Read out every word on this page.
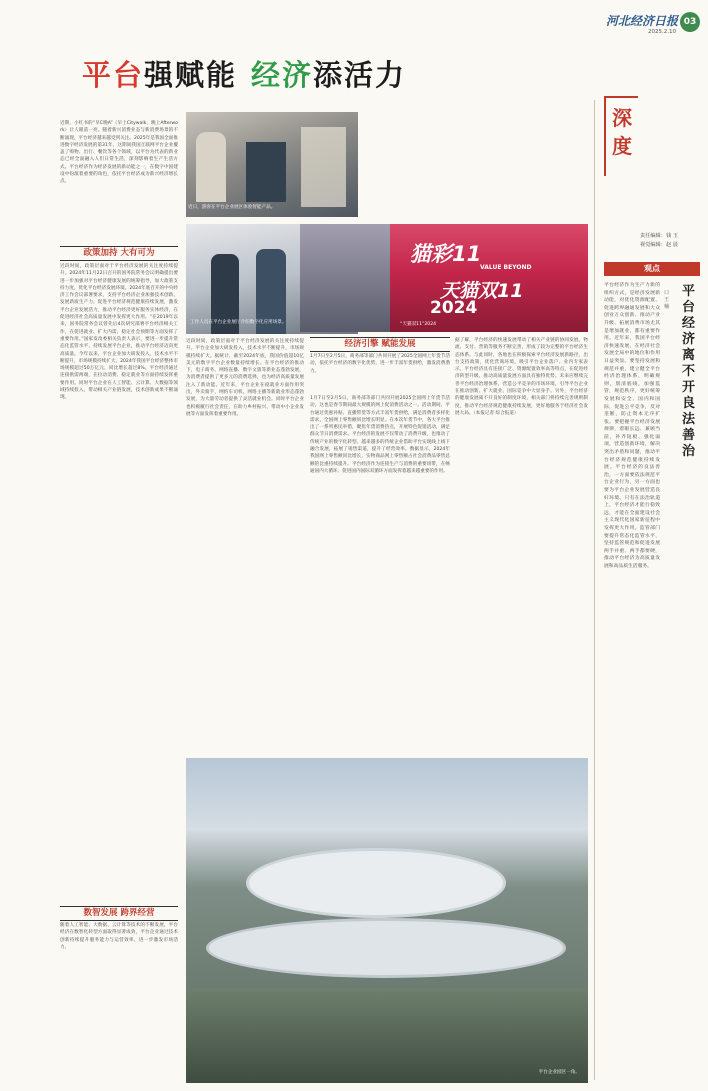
河北经济日报
2025.2.10
03
平台强赋能 经济添活力
近期，小红书的“早C晚A”（早上Citywalk、晚上Afterwork）让人眼前一亮。随着新兴消费业态与新消费场景的不断涌现，平台经济越来越受到关注。2025年是我国全面推进数字经济发展的第31年，这期间我国互联网平台企业覆盖了购物、出行、餐饮等各个领域，以平台为代表的新业态已经全面融入人们日常生活，深刻影响着生产生活方式。平台经济作为经济发展的新动能之一，在数字中国建设中扮演着重要的角色，依托平台经济成为新兴经济增长点。
政策加持 大有可为
近段时间，政策层面对于平台经济发展的关注度持续提升。2024年11月22日召开的国务院常务会议明确提出要进一步加强对平台经济健康发展的统筹指导，加大政策支持力度，优化平台经济发展环境。2024年底召开的中央经济工作会议部署要求，支持平台经济企业加强技术创新、发展新质生产力，促进平台经济规范健康持续发展，激发平台企业发展活力，推动平台经济更好服务实体经济，在促进经济社会高质量发展中发挥更大作用。“在2019年以来，国务院常务会议曾先后4次研究部署平台经济相关工作，在促进就业、扩大内需、稳定社会预期等方面发挥了重要作用。”国家发改委相关负责人表示，要进一步提升常态化监管水平，持续发展平台企业，推动平台经济迈向更高质量。今年以来，平台企业加大研发投入，技术水平不断提升，市场规模持续扩大，2024年我国平台经济整体市场规模超过50万亿元，同比增长超过8%。平台经济通过连接供需两端，在拉动消费、稳定就业等方面持续发挥重要作用。同时平台企业在人工智能、云计算、大数据等领域持续投入，带动相关产业链发展，技术创新成果不断涌现。
数智发展 跨界经营
随着人工智能、大数据、云计算等技术的不断发展，平台经济在数智化转型方面取得显著成效，平台企业通过技术创新持续提升服务能力与运营效率，进一步激发市场活力。
近日，游客在平台企业展区体验智能产品。
工作人员在平台企业展厅介绍数字化应用场景。
猫彩11
VALUE BEYOND
天猫双11
2024
“天猫双11”2024
近段时间，政策层面对于平台经济发展的关注度持续提升。平台企业加大研发投入，技术水平不断提升，市场规模持续扩大。据统计，截至2024年底，我国价值超10亿美元的数字平台企业数量持续增长。在平台经济的推动下，电子商务、网络直播、数字文旅等新业态蓬勃发展，为消费者提供了更多元的消费选择，也为经济高质量发展注入了新动能。近年来，平台企业在稳就业方面作用突出，外卖骑手、网约车司机、网络主播等新就业形态蓬勃发展，为大量劳动者提供了灵活就业机会。同时平台企业也积极履行社会责任，在助力乡村振兴、带动中小企业发展等方面发挥着重要作用。
经济引擎 赋能发展
1月7日至2月5日，商务部等部门共同开展了2025全国网上年货节活动，依托平台经济的数字化优势，进一步丰富年货供给，激发消费潜力。
1月7日至2月5日，商务部等部门共同开展2025全国网上年货节活动，这也是春节期间最大规模的网上促消费活动之一。活动期间，平台通过优惠补贴、直播带货等方式丰富年货供给，满足消费者多样化需求，全国网上零售额同比增长明显。在本次年货节中，各大平台推出了一系列惠民举措，聚焦年货消费热点，开展特色促销活动，满足群众节日消费需求。平台经济的发展不仅带动了消费升级，也推动了传统产业的数字化转型。越来越多的传统企业借助平台实现线上线下融合发展，拓展了销售渠道，提升了经营效率。数据显示，2024年我国网上零售额同比增长，实物商品网上零售额占社会消费品零售总额的比重持续提升。平台经济作为连接生产与消费的重要纽带，在畅通国内大循环、促进国内国际双循环方面发挥着越来越重要的作用。
据了解，平台经济的快速发展带动了相关产业链的协同发展。物流、支付、营销等服务不断完善，形成了较为完整的平台经济生态体系。与此同时，各地也在积极探索平台经济发展新路径，出台支持政策，优化营商环境，吸引平台企业落户。业内专家表示，平台经济具有连接广泛、资源配置效率高等特点，在促进经济转型升级、推动高质量发展方面具有独特优势。未来应继续完善平台经济治理体系，营造公平竞争的市场环境，引导平台企业在推动创新、扩大就业、国际竞争中大显身手。另外，平台经济的健康发展离不开良好的制度环境，相关部门将持续完善规则制度，推动平台经济规范健康持续发展，更好地服务于经济社会发展大局。（本报记者 综合报道）
平台企业园区一角。
深度
责任编辑：钱 玉
视觉编辑：赵 晨
观点
平台经济离不开良法善治
口 王 楠
平台经济作为生产力新的组织方式，是经济发展新动能，对优化资源配置、促进跨界融通发展和大众创业万众创新、推动产业升级、拓展消费市场尤其是增加就业，都有重要作用。近年来，我国平台经济快速发展，在经济社会发展全局中的地位和作用日益突显。要坚持发展和规范并重，建立健全平台经济治理体系，明确规则，划清底线，加强监管，规范秩序，更好统筹发展和安全、国内和国际，促进公平竞争，反对垄断，防止资本无序扩张。要把握平台经济发展规律，着眼长远、兼顾当前，补齐短板、强化弱项，营造创新环境，解决突出矛盾和问题，推动平台经济规范健康持续发展。平台经济的良法善治，一方面要依法规范平台企业行为，另一方面也要为平台企业发展营造良好环境。只有在法治轨道上，平台经济才能行稳致远，才能在全面建设社会主义现代化国家新征程中发挥更大作用。监管部门要提升常态化监管水平，坚持监管规范和促进发展两手并重、两手都要硬，推动平台经济为高质量发展和高品质生活服务。
